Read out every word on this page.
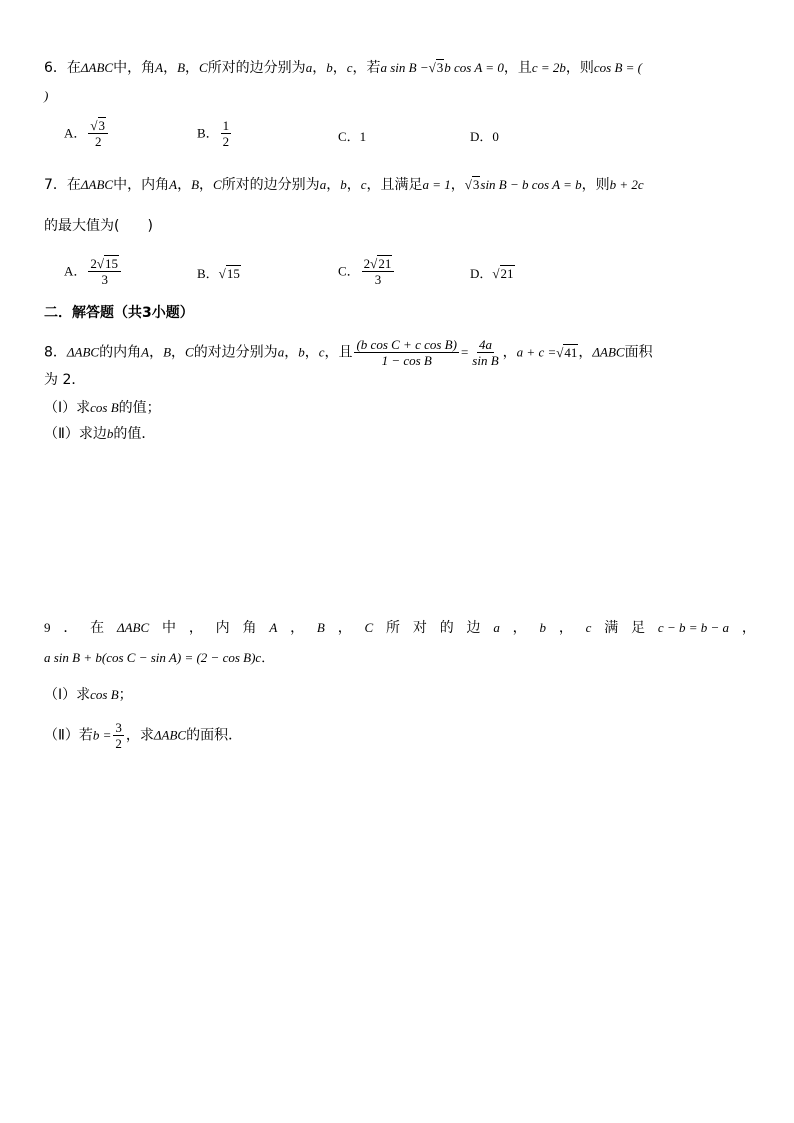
6．在ΔABC中，角A，B，C所对的边分别为a，b，c，若a sin B −√3b cos A = 0，且c = 2b，则cos B = (
)
A． $\frac{√3}{2}$	B． $\frac{1}{2}$	C．1	D．0
7．在ΔABC中，内角A，B，C所对的边分别为a，b，c，且满足a = 1，√3sin B − b cos A = b，则b + 2c
的最大值为(　　)
A． $\frac{2√15}{3}$	B．√15	C． $\frac{2√21}{3}$	D．√21
二．解答题（共3小题）
8．ΔABC的内角A，B，C的对边分别为a，b，c，且 $\frac{\text{(b cos C + c cos B)}}{\text{1 − cos B}} = \frac{4a}{\text{sin B}}$ ，a + c =√41，ΔABC面积
为 2．
（Ⅰ）求cos B的值；
（Ⅱ）求边b的值．
9 ． 在 ΔABC 中 ， 内 角 A ， B ， C 所 对 的 边 a ， b ， c 满 足 c − b = b − a ，
a sin B + b(cos C − sin A) = (2 − cos B)c．
（Ⅰ）求cos B；
（Ⅱ）若$b = \frac{3}{2}$ ，求ΔABC的面积．
